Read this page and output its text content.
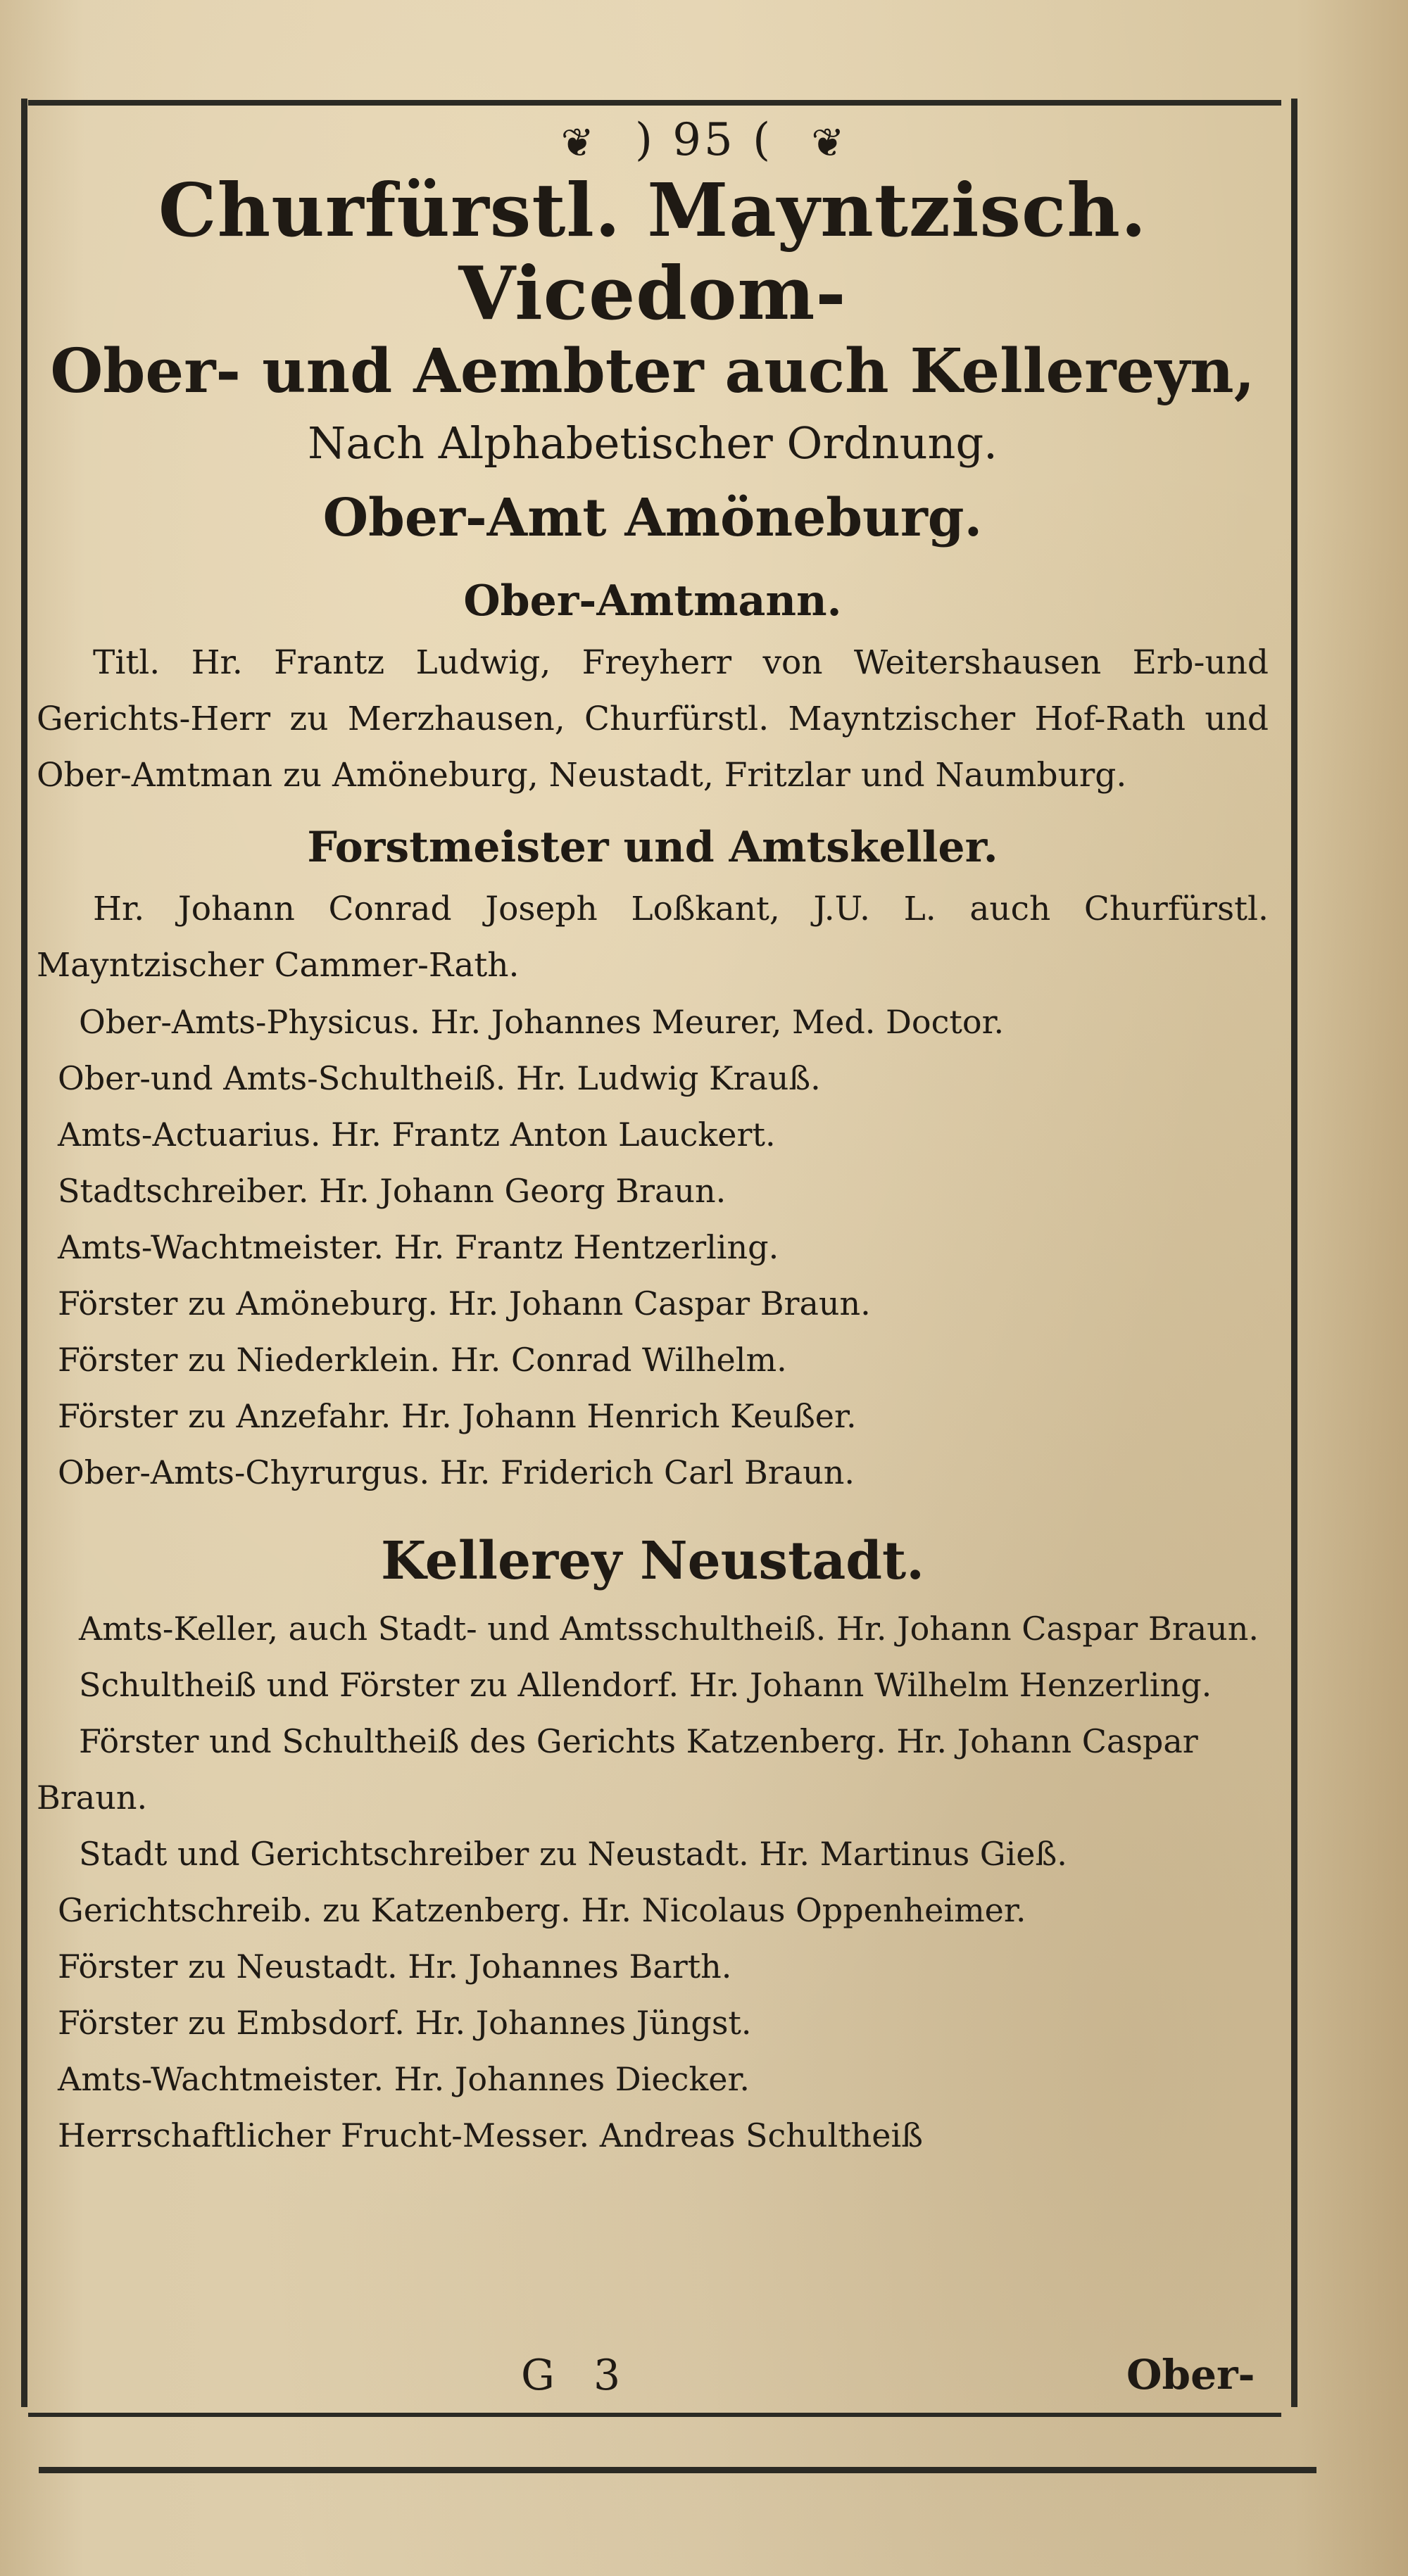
❦ ) 95 ( ❦

Churfürstl. Mayntzisch. Vicedom-

Ober- und Aembter auch Kellereyn,

Nach Alphabetischer Ordnung.

Ober-Amt Amöneburg.

Ober-Amtmann.

Titl. Hr. Frantz Ludwig, Freyherr von Weitershausen Erb-und Gerichts-Herr zu Merzhausen, Churfürstl. Mayntzischer Hof-Rath und Ober-Amtman zu Amöneburg, Neustadt, Fritzlar und Naumburg.

Forstmeister und Amtskeller.

Hr. Johann Conrad Joseph Loßkant, J.U. L. auch Churfürstl. Mayntzischer Cammer-Rath.

Ober-Amts-Physicus. Hr. Johannes Meurer, Med. Doctor.

Ober-und Amts-Schultheiß. Hr. Ludwig Krauß.

Amts-Actuarius. Hr. Frantz Anton Lauckert.

Stadtschreiber. Hr. Johann Georg Braun.

Amts-Wachtmeister. Hr. Frantz Hentzerling.

Förster zu Amöneburg. Hr. Johann Caspar Braun.

Förster zu Niederklein. Hr. Conrad Wilhelm.

Förster zu Anzefahr. Hr. Johann Henrich Keußer.

Ober-Amts-Chyrurgus. Hr. Friderich Carl Braun.

Kellerey Neustadt.

Amts-Keller, auch Stadt- und Amtsschultheiß. Hr. Johann Caspar Braun.

Schultheiß und Förster zu Allendorf. Hr. Johann Wilhelm Henzerling.

Förster und Schultheiß des Gerichts Katzenberg. Hr. Johann Caspar Braun.

Stadt und Gerichtschreiber zu Neustadt. Hr. Martinus Gieß.

Gerichtschreib. zu Katzenberg. Hr. Nicolaus Oppenheimer.

Förster zu Neustadt. Hr. Johannes Barth.

Förster zu Embsdorf. Hr. Johannes Jüngst.

Amts-Wachtmeister. Hr. Johannes Diecker.

Herrschaftlicher Frucht-Messer. Andreas Schultheiß

G 3	Ober-
